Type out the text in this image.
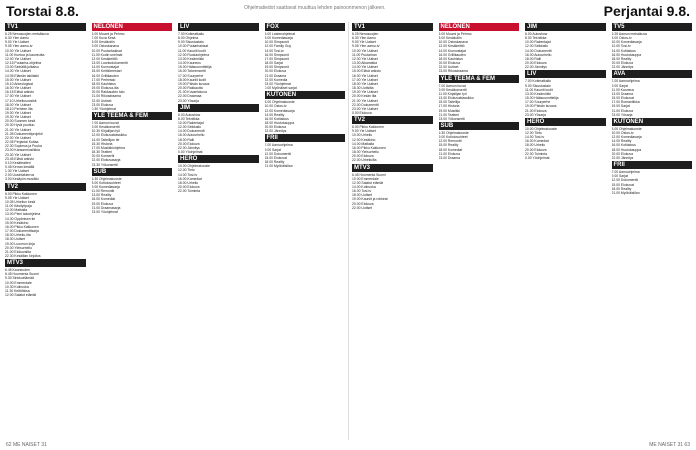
Torstai 8.8.	Ohjelmatiedot saattavat muuttua lehden painoonmenon jälkeen.	Perjantai 9.8.
TV1
6.25 Nenosuojien metsäkuva
6.30 Ylen Aamu
9.00 Yle Uutiset
9.05 Ylen aamu-tv
10.00 Yle Uutiset
11.00 Kuntoa ja kauneutta
12.00 Yle Uutiset
12.15 Puutarha-ohjelma
13.00 Seinällä julkaisu
14.00 Yle Uutiset
14.05 Elämän lakilakki
15.00 Yle Uutiset
15.10 Arkeologisat
16.00 Yle Uutiset
16.15 Elävä arkisto
17.00 Yle Uutiset
17.10 Urheilusuosikit
18.00 Yle Uutiset
18.10 Perheen ilta
19.00 Yle Uutiset
19.30 Yle Uutiset
20.00 Suomen kesä
20.30 Hyvä puuttuu
21.00 Yle Uutiset
21.05 Dokumenttiprojekti
22.00 Yle Uutiset
22.05 Perjantai Kultaa
22.30 Sopimus ja Puuha
23.00 Kansanmusiikkia
23.30 Yle Uutiset
23.45 Elävä arkisto
0.10 Kesäteatteri
0.45 Kerran kesällä
1.30 Yle Uutiset
2.00 Uusintakierros
3.00 Kesäyön musiikki
TV2
6.00 Pikku Kakkonen
9.05 Yle Uutiset
10.05 Urheilun kesä
11.00 Käsityöpaja
12.00 Matkalla
13.00 Pieni taloohjelma
14.30 Oppimisen tie
15.00 Kesäkino
16.00 Pikku Kakkonen
17.00 Dokumenttisarja
18.00 Urheilu-ilta
18.30 Uutiset
19.00 Luonnon kirja
20.00 Yleisurheilu
21.00 Elokuvailta
22.30 Kesäillan kirjoitus
MTV3
6.45 Kauneuden
6.45 Huomenta Suomi
9.30 Sinkkuelämää
10.00 Emmerdale
10.30 Kotiruoka
11.30 Keittiökisa
12.00 Salatut elämät
NELONEN
6.00 Muumi ja Pehmo
7.00 Kuva Kesä
8.00 Kesäkotiin
9.00 Ostoskanava
10.00 Puutarhakisat
11.00 Kodin unelmat
12.00 Kesäkeittiö
13.00 Luontodokumentti
14.00 Kunnostajat
15.00 Keittiömestari
16.00 Grillikauden
17.00 Perhetalo
18.00 Kauhistus
19.00 Elokuva-ilta
20.00 Rakkauden talo
21.00 Rikosdraama
22.00 Uutiset
23.00 Elokuva
0.30 Yöohjelmat
YLE TEEMA & FEM
7.00 Aamun kuvat
9.00 Kesäkonsertti
10.30 Kirjailijan työ
12.00 Elokuvaklassikko
14.00 Taiteilijan tie
15.30 Historia
17.00 Musiikkiohjelma
18.30 Teatteri
20.00 Konsertti
22.00 Elokuvasarja
23.30 Yökonsertti
SUB
6.30 Ohjelmakooste
8.00 Kotiolosuhteet
9.00 Komediasarja
11.00 Remontti
13.00 Reality
16.00 Komediat
19.00 Elokuva
21.00 Draamasarja
23.00 Yöohjelmat
LIV
7.00 Kotimatkailu
8.00 Ohjelma
9.00 Sisustustalo
10.00 Puutarhakisat
11.00 Kauniit kodit
12.00 Ruokaohjelma
13.00 Kesämökki
14.00 Kauneus
15.00 Hääsuunnittelija
16.00 Taloremontti
17.00 Suurperhe
18.00 Kauniit kodit
19.00 Päivän kuvaus
20.00 Rakkautta
21.00 Kuvaelokuva
22.00 Draamaa
23.00 Yösarja
JIM
6.00 Autoshow
8.00 Tekniikka
10.00 Rakentajat
12.00 Seikkailu
14.00 Dokumentit
16.00 Autourheilu
18.00 Ralli
20.00 Elokuva
22.00 Jännitys
0.00 Yöohjelmat
HERO
10.00 Ohjelmakooste
12.00 Tieto
14.00 Tosi-tv
16.00 Komediat
18.00 Urheilu
20.00 Elokuva
22.00 Toiminta
FOX
6.00 Lastenohjelmat
8.00 Komediasarja
10.00 Simpsonit
12.00 Family Guy
14.00 Tosi-tv
16.00 Simpsonit
17.00 Simpsonit
18.00 Sarjat
19.00 Simpsonit
20.00 Elokuva
21.00 Draama
22.00 Komedia
23.00 Yöohjelmat
0.00 Myöhäiset sarjat
KUTONEN
8.00 Ohjelmakooste
10.00 Ostos-tv
12.00 Komediasarja
14.00 Reality
16.00 Kotitalous
18.00 Huutokauppa
20.00 Elokuva
22.00 Jännitys
FRII
7.00 Aamuohjelma
9.00 Sarjat
12.00 Dokumentit
15.00 Elokuvat
18.00 Reality
21.00 Myöhäisillan
TV1
6.25 Nenosuojien
6.30 Ylen Aamu
9.00 Yle Uutiset
9.05 Ylen aamu-tv
10.00 Yle Uutiset
11.00 Puutarhan
12.00 Yle Uutiset
13.00 Aikamatka
14.00 Yle Uutiset
15.00 Elävä arkisto
16.00 Yle Uutiset
17.00 Yle Uutiset
18.00 Yle Uutiset
18.30 Uutisilta
19.00 Yle Uutiset
20.00 Kesän ilta
21.00 Yle Uutiset
22.00 Dokumentti
23.00 Yle Uutiset
0.00 Elokuva
TV2
6.00 Pikku Kakkonen
9.00 Yle Uutiset
10.00 Urheilu
12.00 Kesäkino
14.00 Matkalla
16.00 Pikku Kakkonen
18.00 Yleisurheilu
20.00 Elokuva
22.00 Urheiluilta
MTV3
6.45 Huomenta Suomi
10.00 Emmerdale
12.00 Salatut elämät
14.00 Kotiruoka
16.00 Tosi-tv
18.00 Uutiset
19.00 Kauniit ja rohkeat
20.00 Elokuva
22.00 Uutiset
NELONEN
6.00 Muumi ja Pehmo
8.00 Kesäkotiin
10.00 Ostoskanava
12.00 Kesäkeittiö
14.00 Kunnostajat
16.00 Grillikauden
18.00 Kauhistus
20.00 Elokuva
22.00 Uutiset
23.00 Rikosdraama
YLE TEEMA & FEM
7.00 Aamun kuvat
9.00 Kesäkonsertti
11.00 Kirjailijan työ
13.00 Elokuvaklassikko
15.00 Taiteilija
17.00 Historia
19.00 Musiikki
21.00 Teatteri
23.00 Yökonsertti
SUB
6.30 Ohjelmakooste
9.00 Kotiolosuhteet
12.00 Remontti
15.00 Reality
18.00 Komediat
21.00 Elokuva
23.00 Draama
JIM
6.00 Autoshow
8.00 Tekniikka
10.00 Rakentajat
12.00 Seikkailu
14.00 Dokumentit
16.00 Autourheilu
18.00 Ralli
20.00 Elokuva
22.00 Jännitys
LIV
7.00 Kotimatkailu
9.00 Sisustustalo
11.00 Kauniit kodit
13.00 Kesämökki
15.00 Hääsuunnittelija
17.00 Suurperhe
19.00 Päivän kuvaus
21.00 Elokuva
23.00 Yösarja
HERO
10.00 Ohjelmakooste
12.00 Tieto
14.00 Tosi-tv
16.00 Komediat
18.00 Urheilu
20.00 Elokuva
22.00 Toiminta
0.00 Yöohjelmat
TV5
6.25 Aamun metsäkuva
8.00 Ostos-tv
10.00 Komediasarja
12.00 Tosi-tv
14.00 Kotitalous
16.00 Huutokauppa
18.00 Reality
20.00 Elokuva
22.00 Jännitys
AVA
7.00 Aamuohjelma
9.00 Sarjat
11.00 Kauneus
13.00 Draama
15.00 Elokuvat
17.00 Romantiikka
19.00 Sarjat
21.00 Elokuva
23.00 Yösarja
KUTONEN
8.00 Ohjelmakooste
10.00 Ostos-tv
12.00 Komediasarja
14.00 Reality
16.00 Kotitalous
18.00 Huutokauppa
20.00 Elokuva
22.00 Jännitys
FRII
7.00 Aamuohjelma
9.00 Sarjat
12.00 Dokumentit
15.00 Elokuvat
18.00 Reality
21.00 Myöhäisillan
62 ME NAISET 31	ME NAISET 31 63
